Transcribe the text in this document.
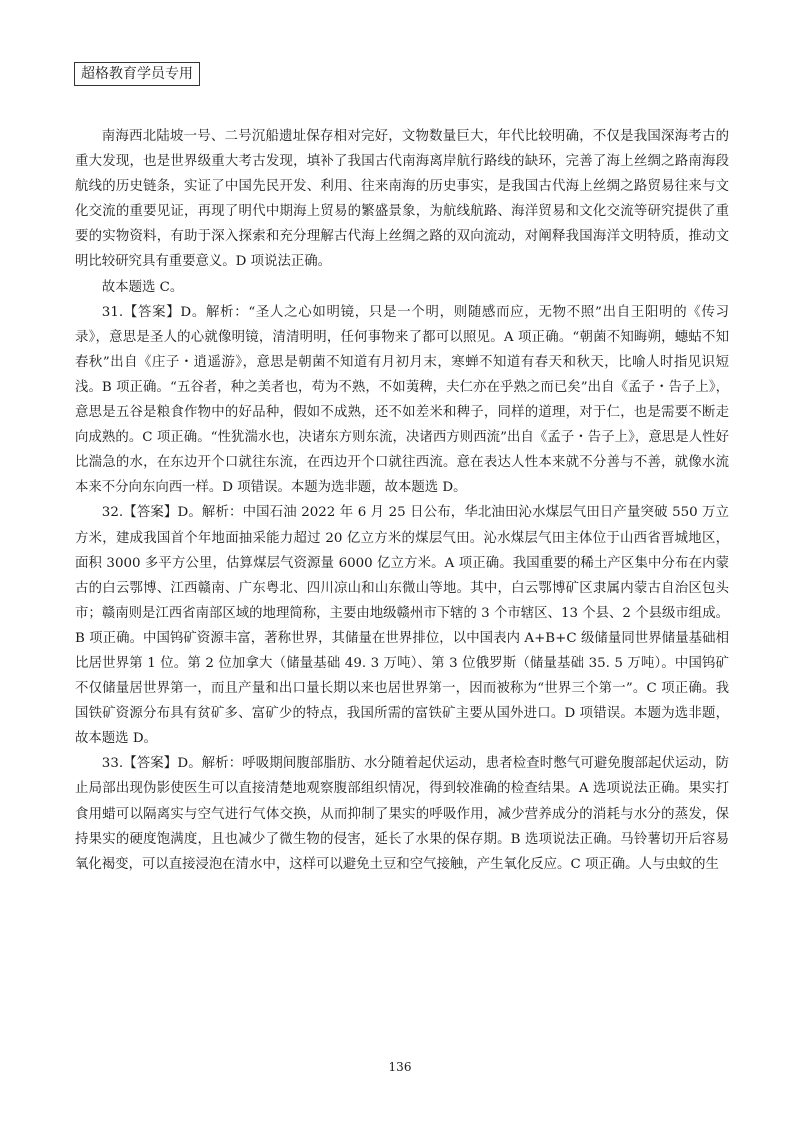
超格教育学员专用

南海西北陆坡一号、二号沉船遗址保存相对完好，文物数量巨大，年代比较明确，不仅是我国深海考古的重大发现，也是世界级重大考古发现，填补了我国古代南海离岸航行路线的缺环，完善了海上丝绸之路南海段航线的历史链条，实证了中国先民开发、利用、往来南海的历史事实，是我国古代海上丝绸之路贸易往来与文化交流的重要见证，再现了明代中期海上贸易的繁盛景象，为航线航路、海洋贸易和文化交流等研究提供了重要的实物资料，有助于深入探索和充分理解古代海上丝绸之路的双向流动，对阐释我国海洋文明特质，推动文明比较研究具有重要意义。D 项说法正确。

故本题选 C。

31.【答案】D。解析：“圣人之心如明镜，只是一个明，则随感而应，无物不照”出自王阳明的《传习录》，意思是圣人的心就像明镜，清清明明，任何事物来了都可以照见。A 项正确。“朝菌不知晦朔，蟪蛄不知春秋”出自《庄子・逍遥游》，意思是朝菌不知道有月初月末，寒蝉不知道有春天和秋天，比喻人时指见识短浅。B 项正确。“五谷者，种之美者也，苟为不熟，不如荑稗，夫仁亦在乎熟之而已矣”出自《孟子・告子上》，意思是五谷是粮食作物中的好品种，假如不成熟，还不如差米和稗子，同样的道理，对于仁，也是需要不断走向成熟的。C 项正确。“性犹湍水也，决诸东方则东流，决诸西方则西流”出自《孟子・告子上》，意思是人性好比湍急的水，在东边开个口就往东流，在西边开个口就往西流。意在表达人性本来就不分善与不善，就像水流本来不分向东向西一样。D 项错误。本题为选非题，故本题选 D。

32.【答案】D。解析：中国石油 2022 年 6 月 25 日公布，华北油田沁水煤层气田日产量突破 550 万立方米，建成我国首个年地面抽采能力超过 20 亿立方米的煤层气田。沁水煤层气田主体位于山西省晋城地区，面积 3000 多平方公里，估算煤层气资源量 6000 亿立方米。A 项正确。我国重要的稀土产区集中分布在内蒙古的白云鄂博、江西赣南、广东粤北、四川凉山和山东微山等地。其中，白云鄂博矿区隶属内蒙古自治区包头市；赣南则是江西省南部区域的地理简称，主要由地级赣州市下辖的 3 个市辖区、13 个县、2 个县级市组成。B 项正确。中国钨矿资源丰富，著称世界，其储量在世界排位，以中国表内 A+B+C 级储量同世界储量基础相比居世界第 1 位。第 2 位加拿大（储量基础 49. 3 万吨）、第 3 位俄罗斯（储量基础 35. 5 万吨）。中国钨矿不仅储量居世界第一，而且产量和出口量长期以来也居世界第一，因而被称为“世界三个第一”。C 项正确。我国铁矿资源分布具有贫矿多、富矿少的特点，我国所需的富铁矿主要从国外进口。D 项错误。本题为选非题，故本题选 D。

33.【答案】D。解析：呼吸期间腹部脂肪、水分随着起伏运动，患者检查时憋气可避免腹部起伏运动，防止局部出现伪影使医生可以直接清楚地观察腹部组织情况，得到较准确的检查结果。A 选项说法正确。果实打食用蜡可以隔离实与空气进行气体交换，从而抑制了果实的呼吸作用，减少营养成分的消耗与水分的蒸发，保持果实的硬度饱满度，且也减少了微生物的侵害，延长了水果的保存期。B 选项说法正确。马铃薯切开后容易氧化褐变，可以直接浸泡在清水中，这样可以避免土豆和空气接触，产生氧化反应。C 项正确。人与虫蚊的生

136
